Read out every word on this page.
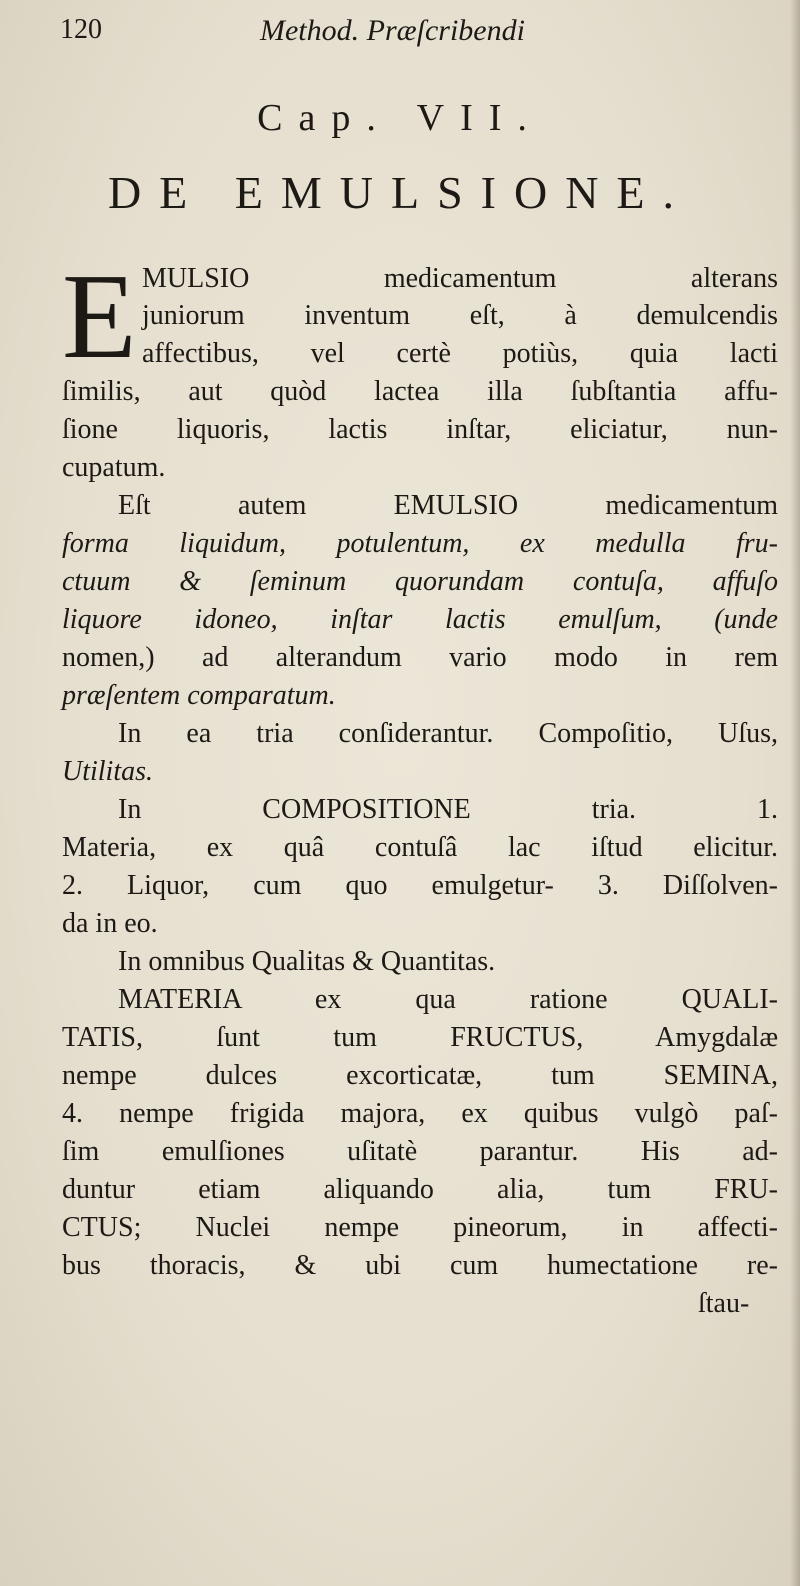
120	Method. Præſcribendi
Cap. VII.
DE EMULSIONE.
E MULSIO medicamentum alterans
juniorum inventum eſt, à demulcendis
affectibus, vel certè potiùs, quia lacti
ſimilis, aut quòd lactea illa ſubſtantia affu-
ſione liquoris, lactis inſtar, eliciatur, nun-
cupatum.
Eſt autem EMULSIO medicamentum
forma liquidum, potulentum, ex medulla fru-
ctuum & ſeminum quorundam contuſa, affuſo
liquore idoneo, inſtar lactis emulſum, (unde
nomen,) ad alterandum vario modo in rem
præſentem comparatum.
In ea tria conſiderantur. Compoſitio, Uſus,
Utilitas.
In COMPOSITIONE tria. 1.
Materia, ex quâ contuſâ lac iſtud elicitur.
2. Liquor, cum quo emulgetur- 3. Diſſolven-
da in eo.
In omnibus Qualitas & Quantitas.
MATERIA ex qua ratione QUALI-
TATIS, ſunt tum FRUCTUS, Amygdalæ
nempe dulces excorticatæ, tum SEMINA,
4. nempe frigida majora, ex quibus vulgò paſ-
ſim emulſiones uſitatè parantur. His ad-
duntur etiam aliquando alia, tum FRU-
CTUS; Nuclei nempe pineorum, in affecti-
bus thoracis, & ubi cum humectatione re-
ſtau-
